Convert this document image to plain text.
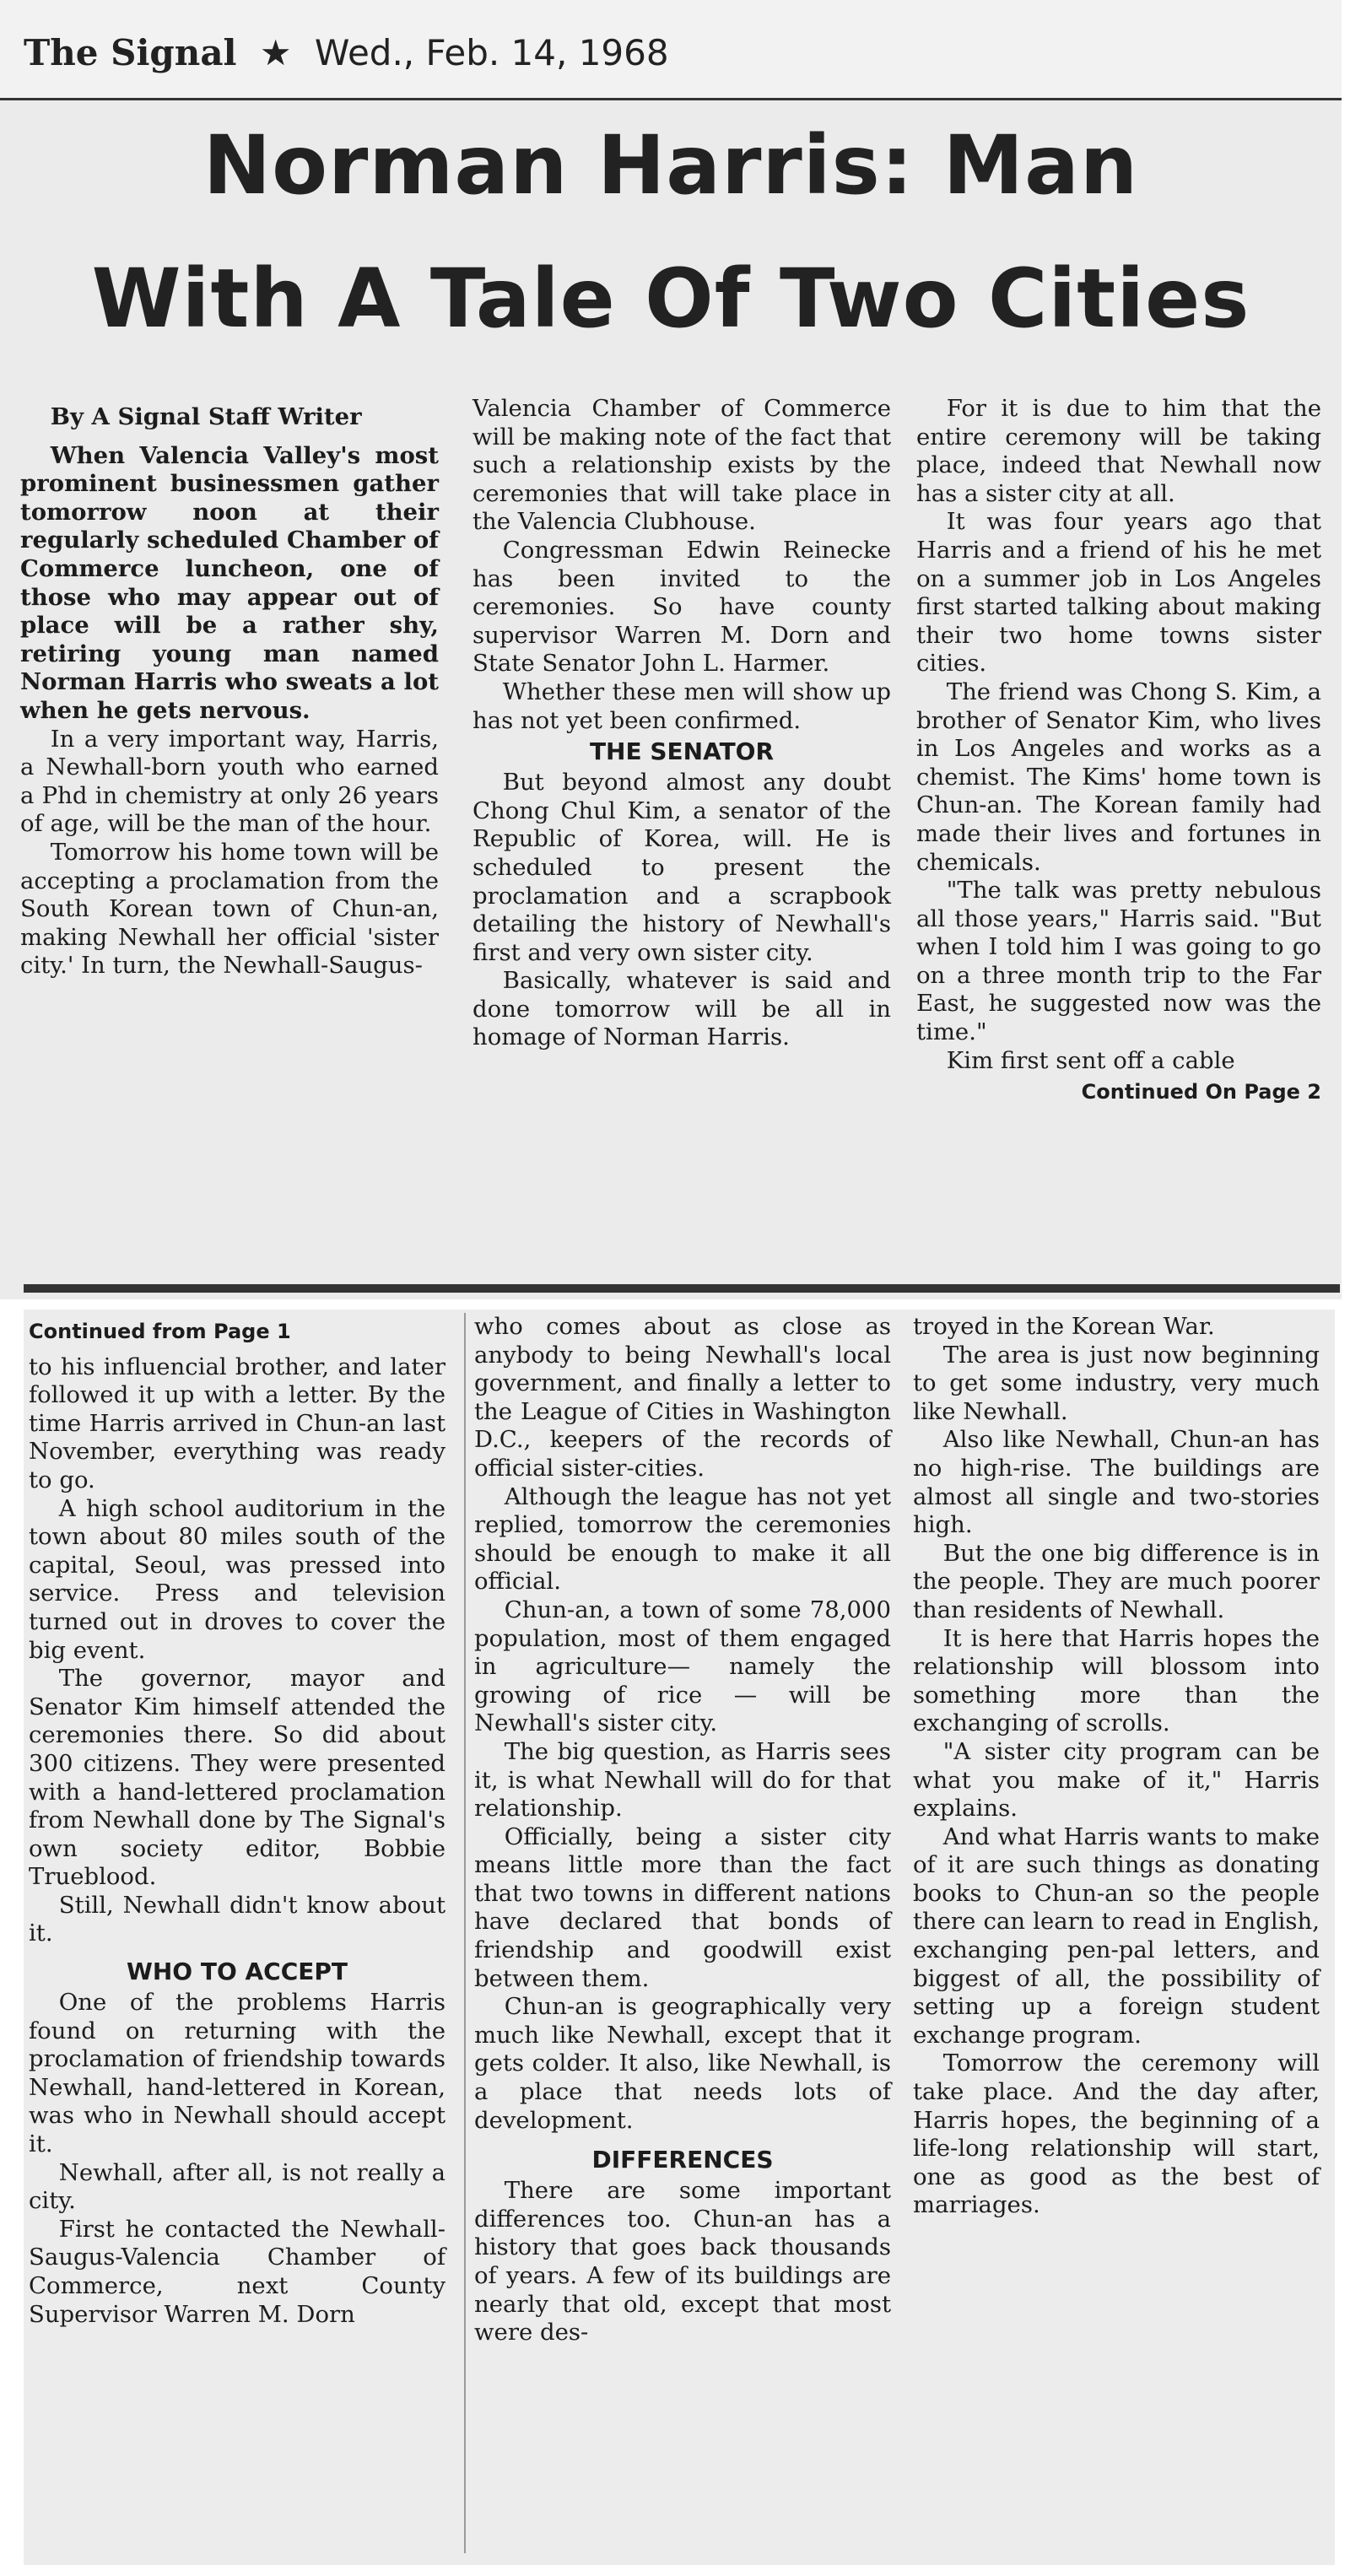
The Signal ★ Wed., Feb. 14, 1968
Norman Harris: Man
With A Tale Of Two Cities

By A Signal Staff Writer

When Valencia Valley's most prominent businessmen gather tomorrow noon at their regularly scheduled Chamber of Commerce luncheon, one of those who may appear out of place will be a rather shy, retiring young man named Norman Harris who sweats a lot when he gets nervous.

In a very important way, Harris, a Newhall-born youth who earned a Phd in chemistry at only 26 years of age, will be the man of the hour.

Tomorrow his home town will be accepting a proclamation from the South Korean town of Chun-an, making Newhall her official 'sister city.' In turn, the Newhall-Saugus-

Valencia Chamber of Commerce will be making note of the fact that such a relationship exists by the ceremonies that will take place in the Valencia Clubhouse.

Congressman Edwin Reinecke has been invited to the ceremonies. So have county supervisor Warren M. Dorn and State Senator John L. Harmer.

Whether these men will show up has not yet been confirmed.

THE SENATOR

But beyond almost any doubt Chong Chul Kim, a senator of the Republic of Korea, will. He is scheduled to present the proclamation and a scrapbook detailing the history of Newhall's first and very own sister city.

Basically, whatever is said and done tomorrow will be all in homage of Norman Harris.

For it is due to him that the entire ceremony will be taking place, indeed that Newhall now has a sister city at all.

It was four years ago that Harris and a friend of his he met on a summer job in Los Angeles first started talking about making their two home towns sister cities.

The friend was Chong S. Kim, a brother of Senator Kim, who lives in Los Angeles and works as a chemist. The Kims' home town is Chun-an. The Korean family had made their lives and fortunes in chemicals.

"The talk was pretty nebulous all those years," Harris said. "But when I told him I was going to go on a three month trip to the Far East, he suggested now was the time."

Kim first sent off a cable

Continued On Page 2
Continued from Page 1

to his influencial brother, and later followed it up with a letter. By the time Harris arrived in Chun-an last November, everything was ready to go.

A high school auditorium in the town about 80 miles south of the capital, Seoul, was pressed into service. Press and television turned out in droves to cover the big event.

The governor, mayor and Senator Kim himself attended the ceremonies there. So did about 300 citizens. They were presented with a hand-lettered proclamation from Newhall done by The Signal's own society editor, Bobbie Trueblood.

Still, Newhall didn't know about it.

WHO TO ACCEPT

One of the problems Harris found on returning with the proclamation of friendship towards Newhall, hand-lettered in Korean, was who in Newhall should accept it.

Newhall, after all, is not really a city.

First he contacted the Newhall-Saugus-Valencia Chamber of Commerce, next County Supervisor Warren M. Dorn

who comes about as close as anybody to being Newhall's local government, and finally a letter to the League of Cities in Washington D.C., keepers of the records of official sister-cities.

Although the league has not yet replied, tomorrow the ceremonies should be enough to make it all official.

Chun-an, a town of some 78,000 population, most of them engaged in agriculture— namely the growing of rice — will be Newhall's sister city.

The big question, as Harris sees it, is what Newhall will do for that relationship.

Officially, being a sister city means little more than the fact that two towns in different nations have declared that bonds of friendship and goodwill exist between them.

Chun-an is geographically very much like Newhall, except that it gets colder. It also, like Newhall, is a place that needs lots of development.

DIFFERENCES

There are some important differences too. Chun-an has a history that goes back thousands of years. A few of its buildings are nearly that old, except that most were des-

troyed in the Korean War.

The area is just now beginning to get some industry, very much like Newhall.

Also like Newhall, Chun-an has no high-rise. The buildings are almost all single and two-stories high.

But the one big difference is in the people. They are much poorer than residents of Newhall.

It is here that Harris hopes the relationship will blossom into something more than the exchanging of scrolls.

"A sister city program can be what you make of it," Harris explains.

And what Harris wants to make of it are such things as donating books to Chun-an so the people there can learn to read in English, exchanging pen-pal letters, and biggest of all, the possibility of setting up a foreign student exchange program.

Tomorrow the ceremony will take place. And the day after, Harris hopes, the beginning of a life-long relationship will start, one as good as the best of marriages.
